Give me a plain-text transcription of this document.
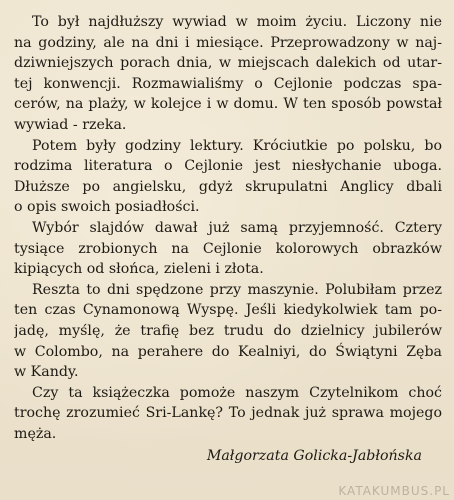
To był najdłuższy wywiad w moim życiu. Liczony nie
na godziny, ale na dni i miesiące. Przeprowadzony w naj-
dziwniejszych porach dnia, w miejscach dalekich od utar-
tej konwencji. Rozmawialiśmy o Cejlonie podczas spa-
cerów, na plaży, w kolejce i w domu. W ten sposób powstał
wywiad - rzeka.
Potem były godziny lektury. Króciutkie po polsku, bo
rodzima literatura o Cejlonie jest niesłychanie uboga.
Dłuższe po angielsku, gdyż skrupulatni Anglicy dbali
o opis swoich posiadłości.
Wybór slajdów dawał już samą przyjemność. Cztery
tysiące zrobionych na Cejlonie kolorowych obrazków
kipiących od słońca, zieleni i złota.
Reszta to dni spędzone przy maszynie. Polubiłam przez
ten czas Cynamonową Wyspę. Jeśli kiedykolwiek tam po-
jadę, myślę, że trafię bez trudu do dzielnicy jubilerów
w Colombo, na perahere do Kealniyi, do Świątyni Zęba
w Kandy.
Czy ta książeczka pomoże naszym Czytelnikom choć
trochę zrozumieć Sri-Lankę? To jednak już sprawa mojego
męża.
Małgorzata Golicka-Jabłońska
KATAKUMBUS.PL
